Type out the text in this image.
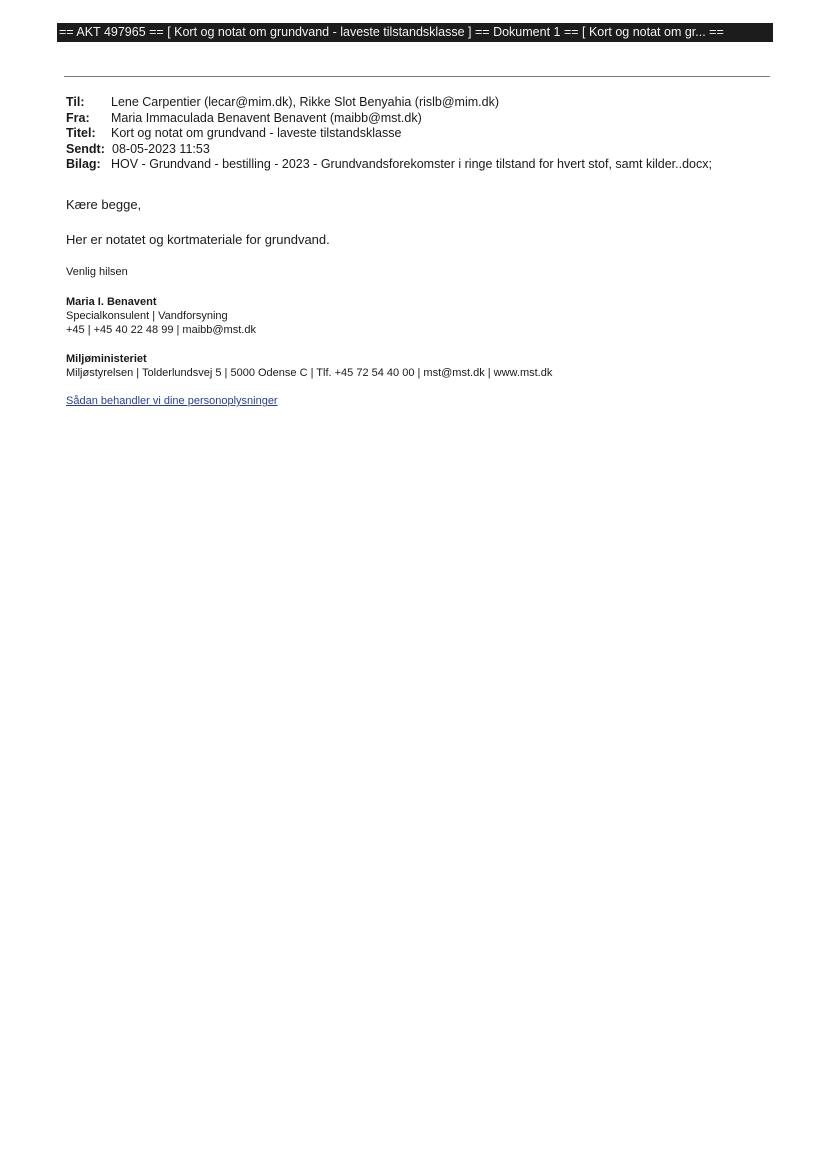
== AKT 497965 == [ Kort og notat om grundvand - laveste tilstandsklasse ] == Dokument 1 == [ Kort og notat om gr... ==
Til:	Lene Carpentier (lecar@mim.dk), Rikke Slot Benyahia (rislb@mim.dk)
Fra:	Maria Immaculada Benavent Benavent (maibb@mst.dk)
Titel:	Kort og notat om grundvand - laveste tilstandsklasse
Sendt: 08-05-2023 11:53
Bilag: HOV - Grundvand - bestilling - 2023 - Grundvandsforekomster i ringe tilstand for hvert stof, samt kilder..docx;
Kære begge,
Her er notatet og kortmateriale for grundvand.
Venlig hilsen
Maria I. Benavent
Specialkonsulent | Vandforsyning
+45 | +45 40 22 48 99 | maibb@mst.dk
Miljøministeriet
Miljøstyrelsen | Tolderlundsvej 5 | 5000 Odense C | Tlf. +45 72 54 40 00 | mst@mst.dk | www.mst.dk
Sådan behandler vi dine personoplysninger
